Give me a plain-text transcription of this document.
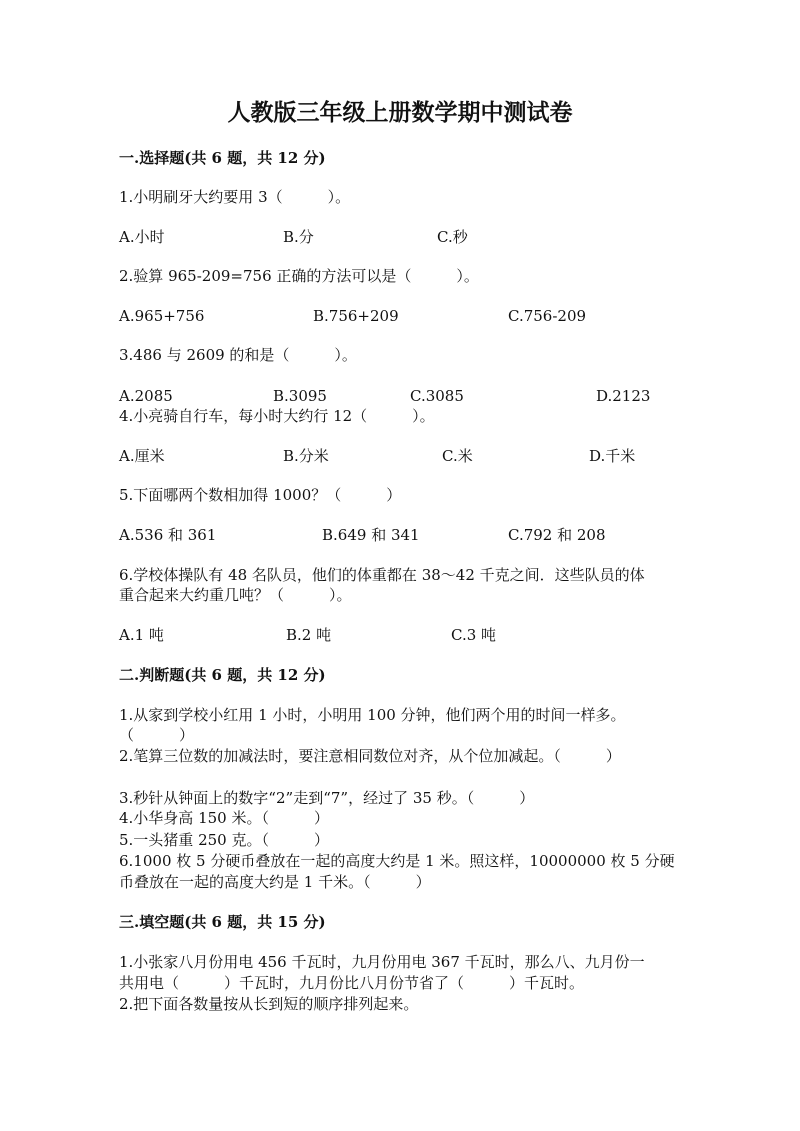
人教版三年级上册数学期中测试卷
一.选择题(共 6 题，共 12 分)
1.小明刷牙大约要用 3（　　　）。
A.小时	B.分	C.秒
2.验算 965-209=756 正确的方法可以是（　　　）。
A.965+756	B.756+209	C.756-209
3.486 与 2609 的和是（　　　）。
A.2085	B.3095	C.3085	D.2123
4.小亮骑自行车，每小时大约行 12（　　　）。
A.厘米	B.分米	C.米	D.千米
5.下面哪两个数相加得 1000？（　　　）
A.536 和 361	B.649 和 341	C.792 和 208
6.学校体操队有 48 名队员，他们的体重都在 38～42 千克之间．这些队员的体
重合起来大约重几吨？（　　　）。
A.1 吨	B.2 吨	C.3 吨
二.判断题(共 6 题，共 12 分)
1.从家到学校小红用 1 小时，小明用 100 分钟，他们两个用的时间一样多。
（　　　）
2.笔算三位数的加减法时，要注意相同数位对齐，从个位加减起。（　　　）
3.秒针从钟面上的数字“2”走到“7”，经过了 35 秒。（　　　）
4.小华身高 150 米。（　　　）
5.一头猪重 250 克。（　　　）
6.1000 枚 5 分硬币叠放在一起的高度大约是 1 米。照这样，10000000 枚 5 分硬
币叠放在一起的高度大约是 1 千米。（　　　）
三.填空题(共 6 题，共 15 分)
1.小张家八月份用电 456 千瓦时，九月份用电 367 千瓦时，那么八、九月份一
共用电（　　　）千瓦时，九月份比八月份节省了（　　　）千瓦时。
2.把下面各数量按从长到短的顺序排列起来。
